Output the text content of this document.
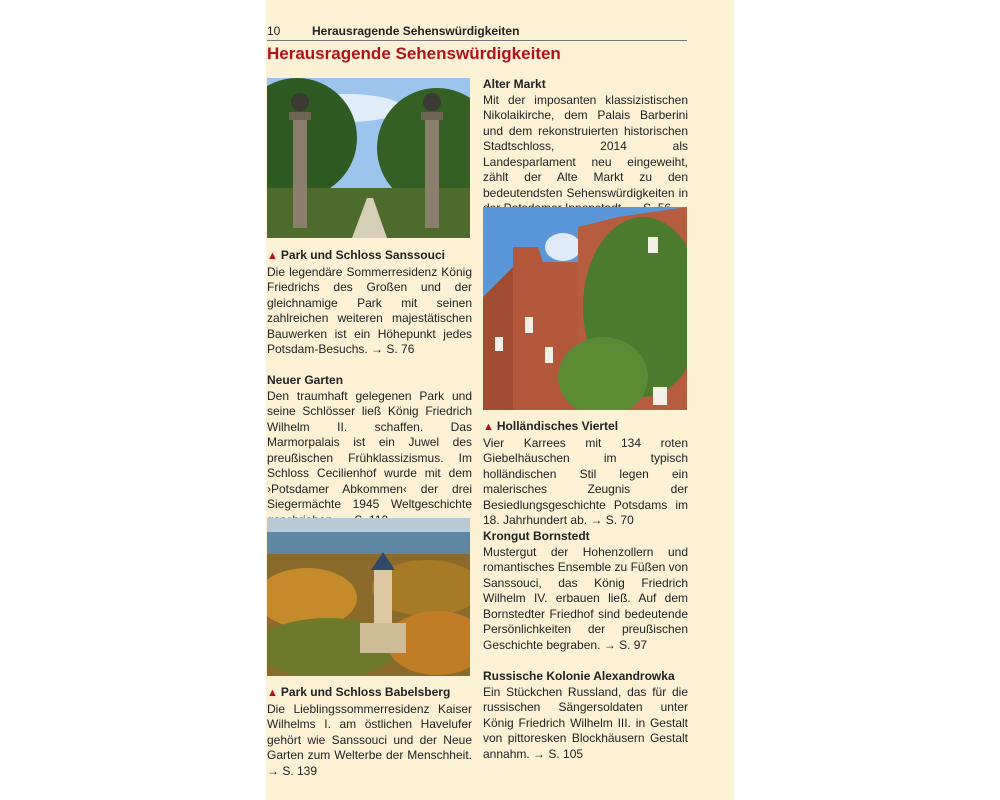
10	Herausragende Sehenswürdigkeiten
Herausragende Sehenswürdigkeiten
▲ Park und Schloss Sanssouci
Die legendäre Sommerresidenz König Friedrichs des Großen und der gleichnamige Park mit seinen zahlreichen weiteren majestätischen Bauwerken ist ein Höhepunkt jedes Potsdam-Besuchs. → S. 76
Neuer Garten
Den traumhaft gelegenen Park und seine Schlösser ließ König Friedrich Wilhelm II. schaffen. Das Marmorpalais ist ein Juwel des preußischen Frühklassizismus. Im Schloss Cecilienhof wurde mit dem ›Potsdamer Abkommen‹ der drei Siegermächte 1945 Weltgeschichte
▲ Park und Schloss Babelsberg
Die Lieblingssommerresidenz Kaiser Wilhelms I. am östlichen Havelufer gehört wie Sanssouci und der Neue Garten zum Welterbe der Menschheit. → S. 139
Alter Markt
Mit der imposanten klassizistischen Nikolaikirche, dem Palais Barberini und dem rekonstruierten historischen Stadtschloss, 2014 als Landesparlament neu eingeweiht, zählt der Alte Markt zu den bedeutendsten Sehenswürdigkeiten in
▲ Holländisches Viertel
Vier Karrees mit 134 roten Giebelhäuschen im typisch holländischen Stil legen ein malerisches Zeugnis der Besiedlungsgeschichte Potsdams im 18. Jahrhundert ab. → S. 70
Krongut Bornstedt
Mustergut der Hohenzollern und romantisches Ensemble zu Füßen von Sanssouci, das König Friedrich Wilhelm IV. erbauen ließ. Auf dem Bornstedter Friedhof sind bedeutende Persönlichkeiten der preußischen Geschichte begraben. → S. 97
Russische Kolonie Alexandrowka
Ein Stückchen Russland, das für die russischen Sängersoldaten unter König Friedrich Wilhelm III. in Gestalt von pittoresken Blockhäusern Gestalt annahm. → S. 105
